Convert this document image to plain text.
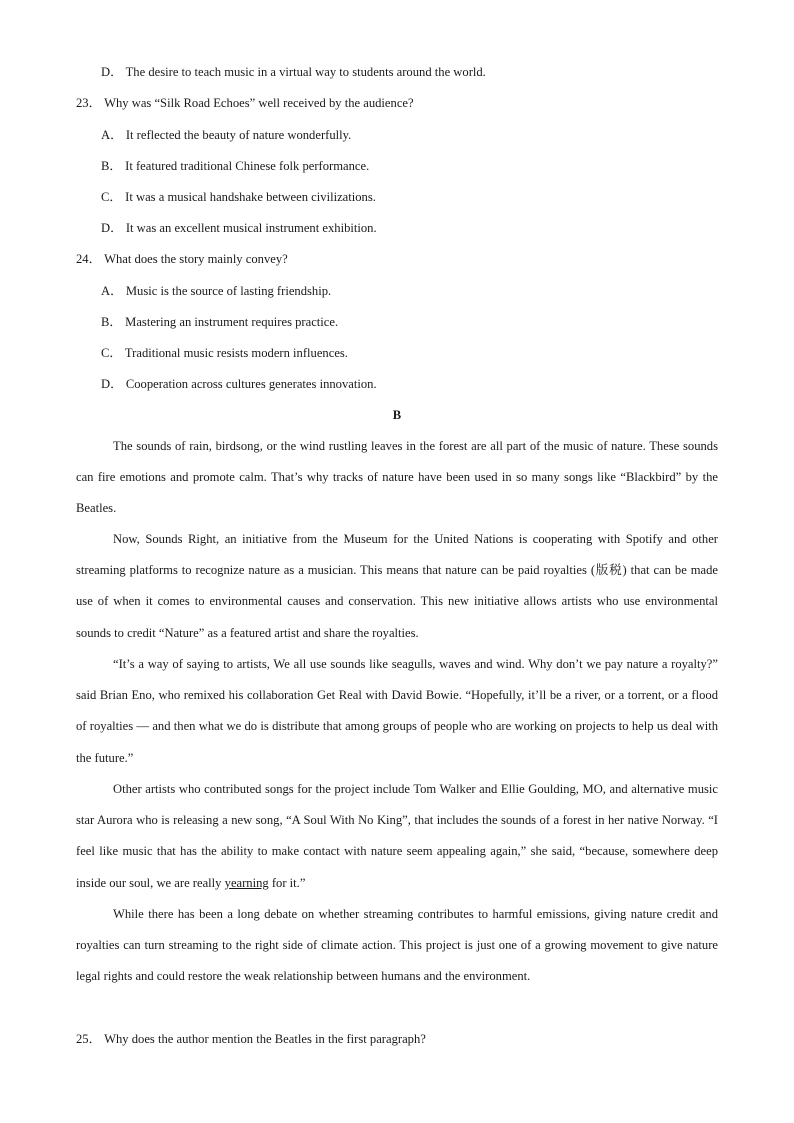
D． The desire to teach music in a virtual way to students around the world.
23． Why was “Silk Road Echoes” well received by the audience?
A． It reflected the beauty of nature wonderfully.
B． It featured traditional Chinese folk performance.
C． It was a musical handshake between civilizations.
D． It was an excellent musical instrument exhibition.
24． What does the story mainly convey?
A． Music is the source of lasting friendship.
B． Mastering an instrument requires practice.
C． Traditional music resists modern influences.
D． Cooperation across cultures generates innovation.
B
The sounds of rain, birdsong, or the wind rustling leaves in the forest are all part of the music of nature. These sounds can fire emotions and promote calm. That’s why tracks of nature have been used in so many songs like “Blackbird” by the Beatles.
Now, Sounds Right, an initiative from the Museum for the United Nations is cooperating with Spotify and other streaming platforms to recognize nature as a musician. This means that nature can be paid royalties (版税) that can be made use of when it comes to environmental causes and conservation. This new initiative allows artists who use environmental sounds to credit “Nature” as a featured artist and share the royalties.
“It’s a way of saying to artists, We all use sounds like seagulls, waves and wind. Why don’t we pay nature a royalty?” said Brian Eno, who remixed his collaboration Get Real with David Bowie. “Hopefully, it’ll be a river, or a torrent, or a flood of royalties — and then what we do is distribute that among groups of people who are working on projects to help us deal with the future.”
Other artists who contributed songs for the project include Tom Walker and Ellie Goulding, MO, and alternative music star Aurora who is releasing a new song, “A Soul With No King”, that includes the sounds of a forest in her native Norway. “I feel like music that has the ability to make contact with nature seem appealing again,” she said, “because, somewhere deep inside our soul, we are really yearning for it.”
While there has been a long debate on whether streaming contributes to harmful emissions, giving nature credit and royalties can turn streaming to the right side of climate action. This project is just one of a growing movement to give nature legal rights and could restore the weak relationship between humans and the environment.
25． Why does the author mention the Beatles in the first paragraph?
